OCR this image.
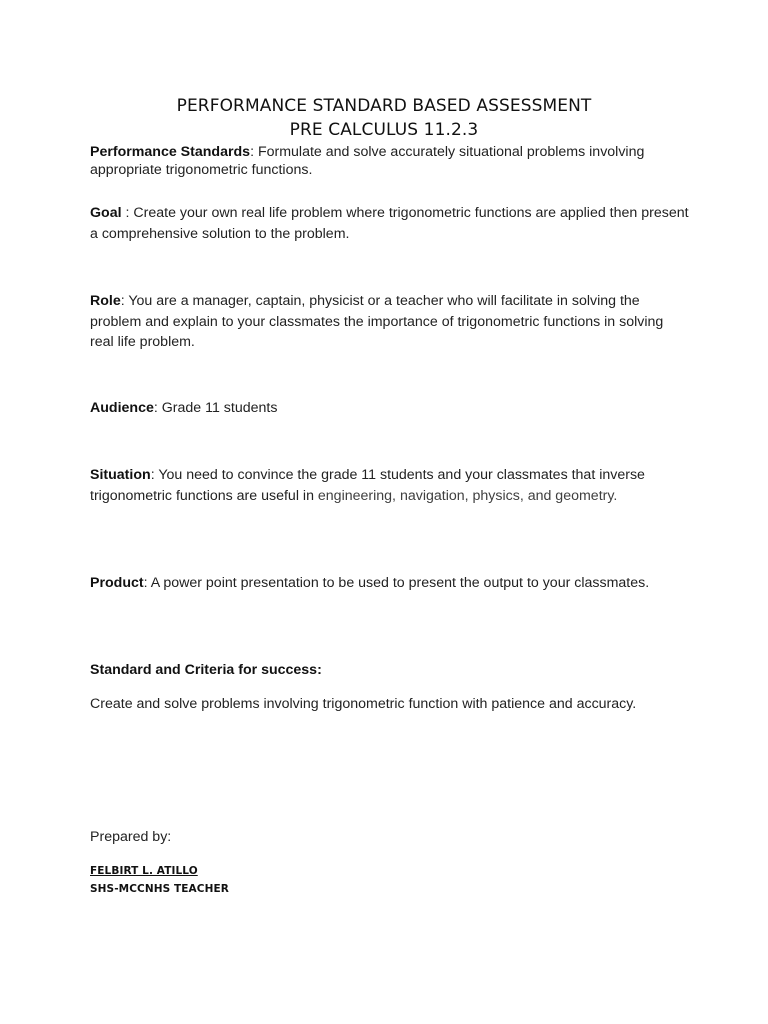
PERFORMANCE STANDARD BASED ASSESSMENT
PRE CALCULUS 11.2.3
Performance Standards: Formulate and solve accurately situational problems involving appropriate trigonometric functions.
Goal : Create your own real life problem where trigonometric functions are applied then present a comprehensive solution to the problem.
Role: You are a manager, captain, physicist or a teacher who will facilitate in solving the problem and explain to your classmates the importance of trigonometric functions in solving real life problem.
Audience: Grade 11 students
Situation: You need to convince the grade 11 students and your classmates that inverse trigonometric functions are useful in engineering, navigation, physics, and geometry.
Product: A power point presentation to be used to present the output to your classmates.
Standard and Criteria for success:
Create and solve problems involving trigonometric function with patience and accuracy.
Prepared by:
FELBIRT L. ATILLO
SHS-MCCNHS TEACHER
